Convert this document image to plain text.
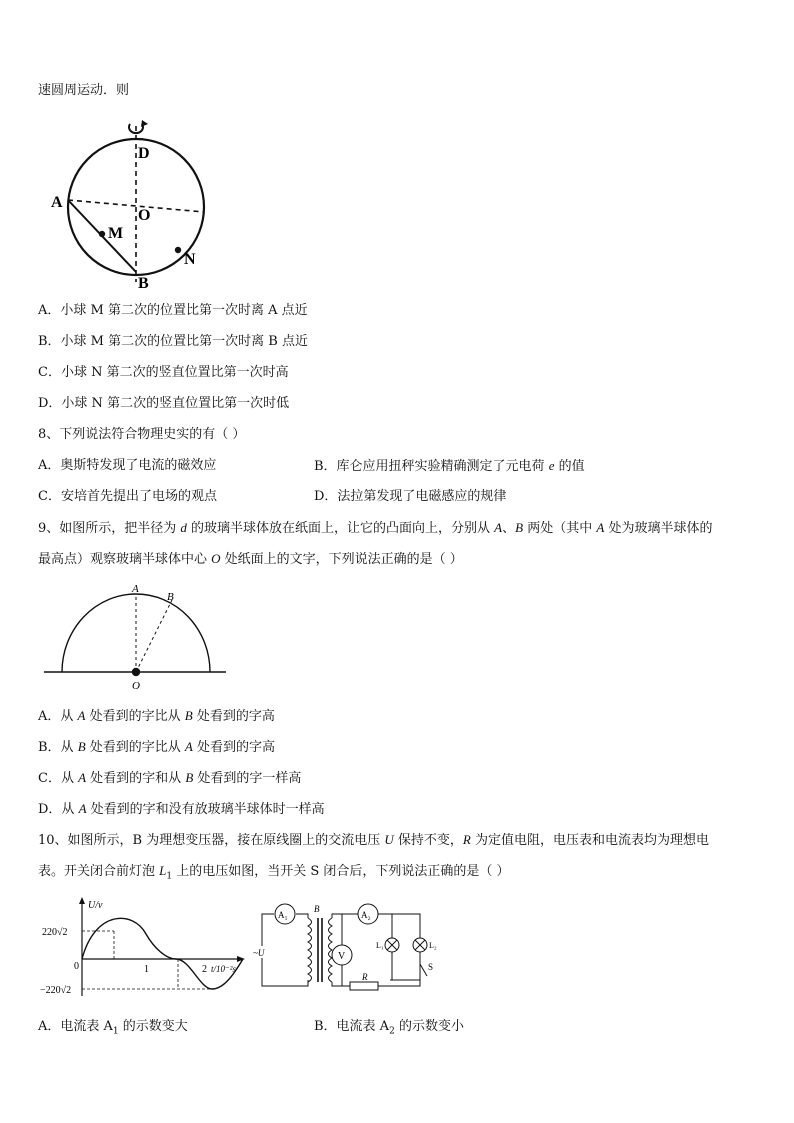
速圆周运动．则
D
A
O
M
N
B
A．小球 M 第二次的位置比第一次时离 A 点近
B．小球 M 第二次的位置比第一次时离 B 点近
C．小球 N 第二次的竖直位置比第一次时高
D．小球 N 第二次的竖直位置比第一次时低
8、下列说法符合物理史实的有（ ）
A．奥斯特发现了电流的磁效应	B．库仑应用扭秤实验精确测定了元电荷 e 的值
C．安培首先提出了电场的观点	D．法拉第发现了电磁感应的规律
9、如图所示，把半径为 d 的玻璃半球体放在纸面上，让它的凸面向上，分别从 A、B 两处（其中 A 处为玻璃半球体的
最高点）观察玻璃半球体中心 O 处纸面上的文字，下列说法正确的是（ ）
A
B
O
A．从 A 处看到的字比从 B 处看到的字高
B．从 B 处看到的字比从 A 处看到的字高
C．从 A 处看到的字和从 B 处看到的字一样高
D．从 A 处看到的字和没有放玻璃半球体时一样高
10、如图所示，B 为理想变压器，接在原线圈上的交流电压 U 保持不变，R 为定值电阻，电压表和电流表均为理想电
表。开关闭合前灯泡 $L_1$ 上的电压如图，当开关 S 闭合后，下列说法正确的是（ ）
U/v
220√2
−220√2
0	1	2 t/10⁻²s
A₁	A₂
V
B
~U
L₁	L₂
R
S
A．电流表 $A_1$ 的示数变大	B．电流表 $A_2$ 的示数变小
